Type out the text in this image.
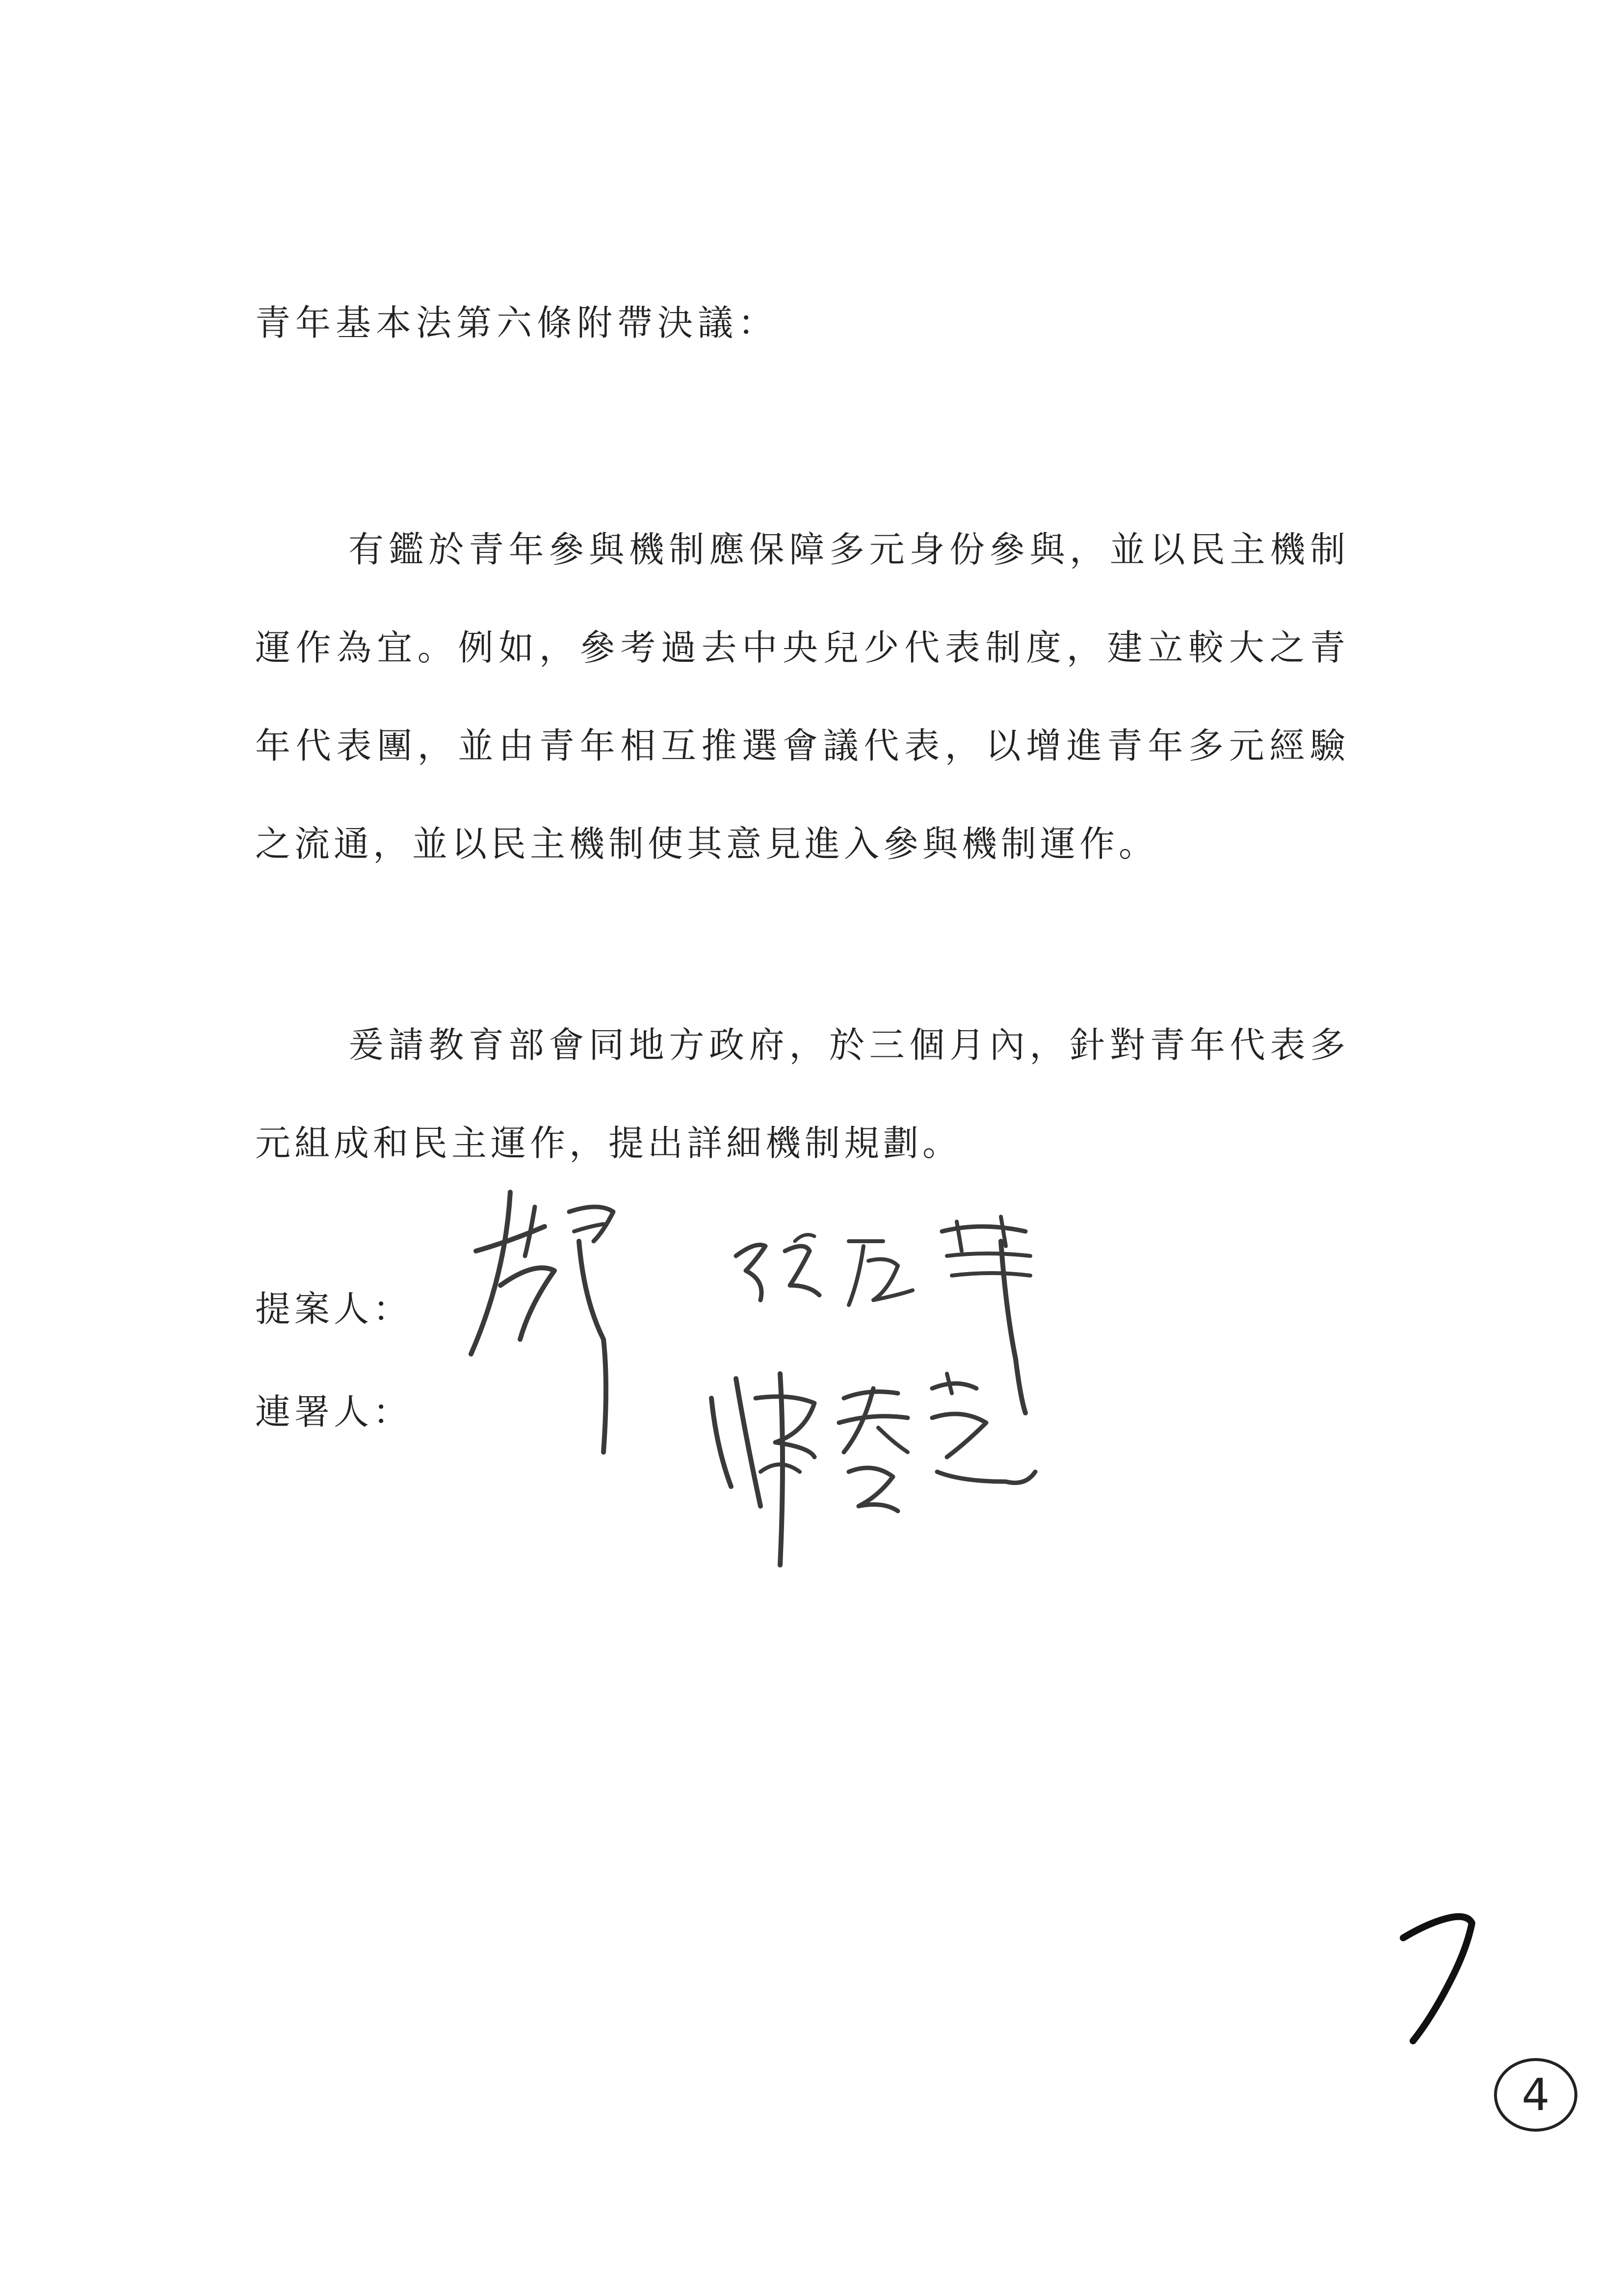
青年基本法第六條附帶決議：

有鑑於青年參與機制應保障多元身份參與，並以民主機制運作為宜。例如，參考過去中央兒少代表制度，建立較大之青年代表團，並由青年相互推選會議代表，以增進青年多元經驗之流通，並以民主機制使其意見進入參與機制運作。

爰請教育部會同地方政府，於三個月內，針對青年代表多元組成和民主運作，提出詳細機制規劃。

提案人：
連署人：
4
